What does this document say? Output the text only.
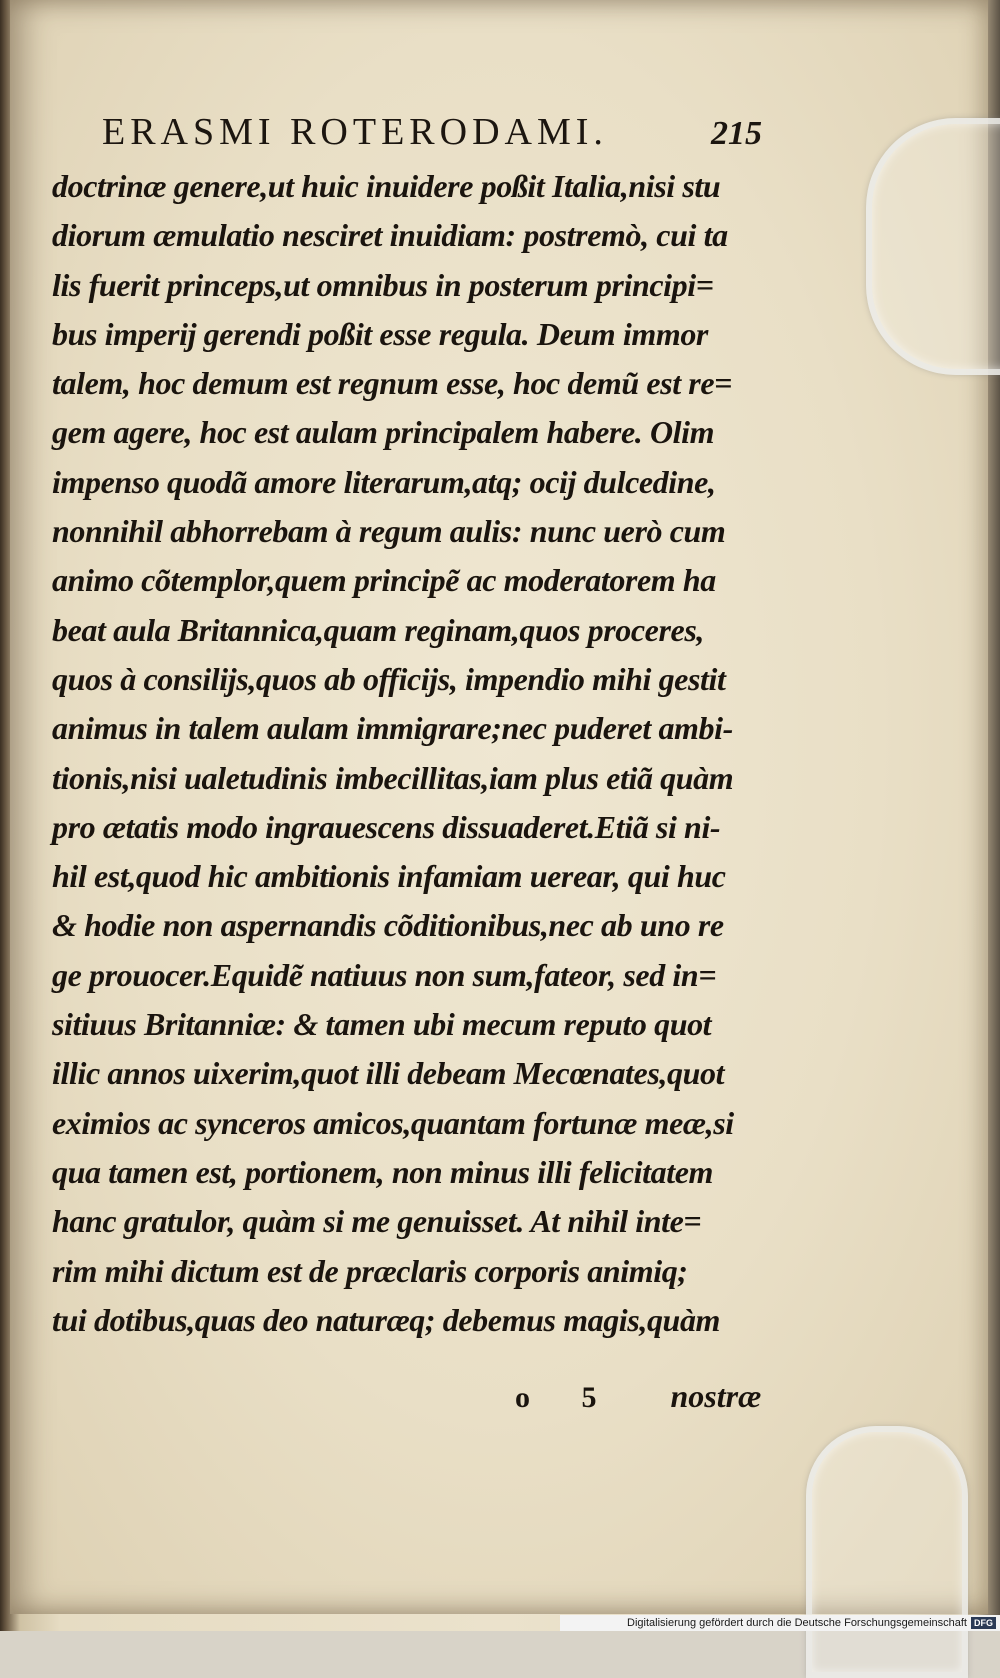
ERASMI ROTERODAMI.	215
doctrinæ genere,ut huic inuidere poßit Italia,nisi stu
diorum æmulatio nesciret inuidiam: postremò, cui ta
lis fuerit princeps,ut omnibus in posterum principi=
bus imperij gerendi poßit esse regula. Deum immor
talem, hoc demum est regnum esse, hoc demũ est re=
gem agere, hoc est aulam principalem habere. Olim
impenso quodã amore literarum,atq; ocij dulcedine,
nonnihil abhorrebam à regum aulis: nunc uerò cum
animo cõtemplor,quem principẽ ac moderatorem ha
beat aula Britannica,quam reginam,quos proceres,
quos à consilijs,quos ab officijs, impendio mihi gestit
animus in talem aulam immigrare;nec puderet ambi-
tionis,nisi ualetudinis imbecillitas,iam plus etiã quàm
pro ætatis modo ingrauescens dissuaderet.Etiã si ni-
hil est,quod hic ambitionis infamiam uerear, qui huc
& hodie non aspernandis cõditionibus,nec ab uno re
ge prouocer.Equidẽ natiuus non sum,fateor, sed in=
sitiuus Britanniæ: & tamen ubi mecum reputo quot
illic annos uixerim,quot illi debeam Mecœnates,quot
eximios ac synceros amicos,quantam fortunæ meæ,si
qua tamen est, portionem, non minus illi felicitatem
hanc gratulor, quàm si me genuisset. At nihil inte=
rim mihi dictum est de præclaris corporis animiq;
tui dotibus,quas deo naturæq; debemus magis,quàm
o 5 nostræ
Digitalisierung gefördert durch die Deutsche Forschungsgemeinschaft DFG
